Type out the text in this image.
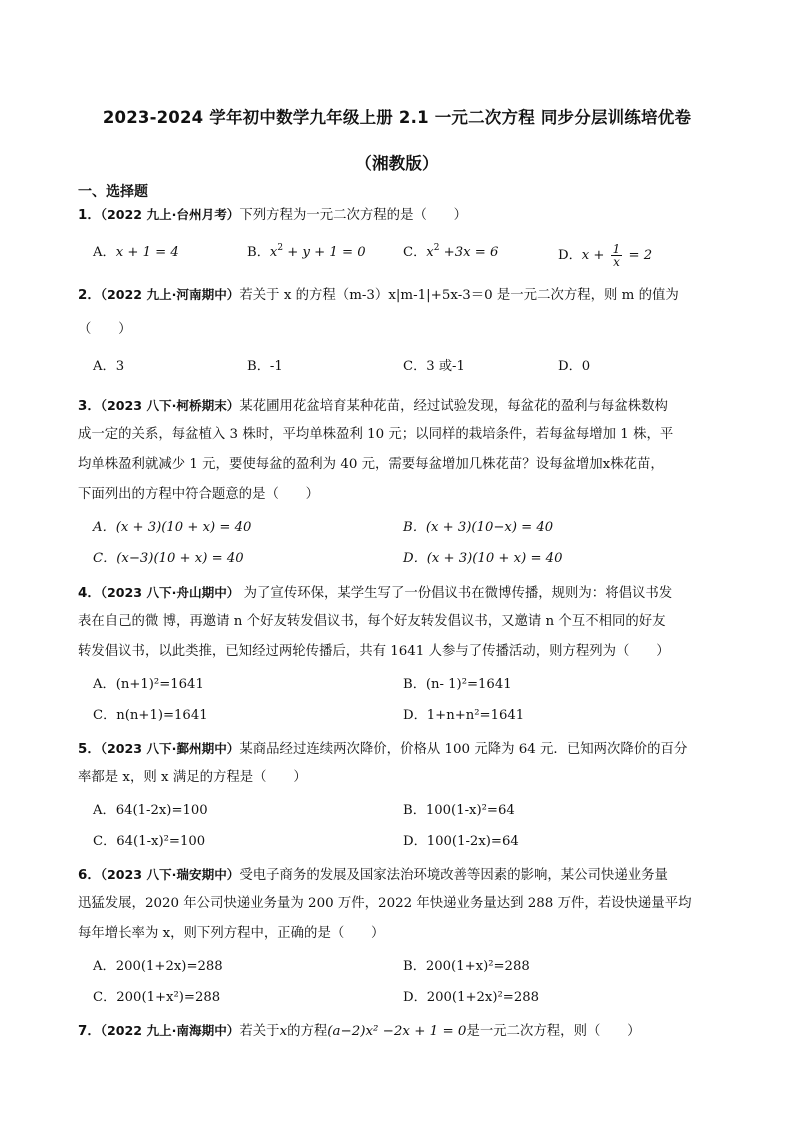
2023-2024 学年初中数学九年级上册 2.1 一元二次方程 同步分层训练培优卷
（湘教版）
一、选择题
1．（2022 九上·台州月考）下列方程为一元二次方程的是（　　）
A．x + 1 = 4	B．$x^2 + y + 1 = 0$	C．$x^2 +3x = 6$	D．$x + \frac{1}{x} = 2$
2．（2022 九上·河南期中）若关于 x 的方程（m-3）x|m-1|+5x-3＝0 是一元二次方程，则 m 的值为
（　　）
A．3	B．-1	C．3 或-1	D．0
3．（2023 八下·柯桥期末）某花圃用花盆培育某种花苗，经过试验发现，每盆花的盈利与每盆株数构
成一定的关系，每盆植入 3 株时，平均单株盈利 10 元；以同样的栽培条件，若每盆每增加 1 株，平
均单株盈利就减少 1 元，要使每盆的盈利为 40 元，需要每盆增加几株花苗？设每盆增加x株花苗，
下面列出的方程中符合题意的是（　　）
A．(x + 3)(10 + x) = 40	B．(x + 3)(10−x) = 40
C．(x−3)(10 + x) = 40	D．(x + 3)(10 + x) = 40
4．（2023 八下·舟山期中） 为了宣传环保，某学生写了一份倡议书在微博传播，规则为：将倡议书发
表在自己的微 博，再邀请 n 个好友转发倡议书，每个好友转发倡议书，又邀请 n 个互不相同的好友
转发倡议书，以此类推，已知经过两轮传播后，共有 1641 人参与了传播活动，则方程列为（　　）
A．(n+1)²=1641	B．(n- 1)²=1641
C．n(n+1)=1641	D．1+n+n²=1641
5．（2023 八下·鄞州期中）某商品经过连续两次降价，价格从 100 元降为 64 元．已知两次降价的百分
率都是 x，则 x 满足的方程是（　　）
A．64(1-2x)=100	B．100(1-x)²=64
C．64(1-x)²=100	D．100(1-2x)=64
6．（2023 八下·瑞安期中）受电子商务的发展及国家法治环境改善等因素的影响，某公司快递业务量
迅猛发展，2020 年公司快递业务量为 200 万件，2022 年快递业务量达到 288 万件，若设快递量平均
每年增长率为 x，则下列方程中，正确的是（　　）
A．200(1+2x)=288	B．200(1+x)²=288
C．200(1+x²)=288	D．200(1+2x)²=288
7．（2022 九上·南海期中）若关于x的方程(a−2)x² −2x + 1 = 0是一元二次方程，则（　　）
